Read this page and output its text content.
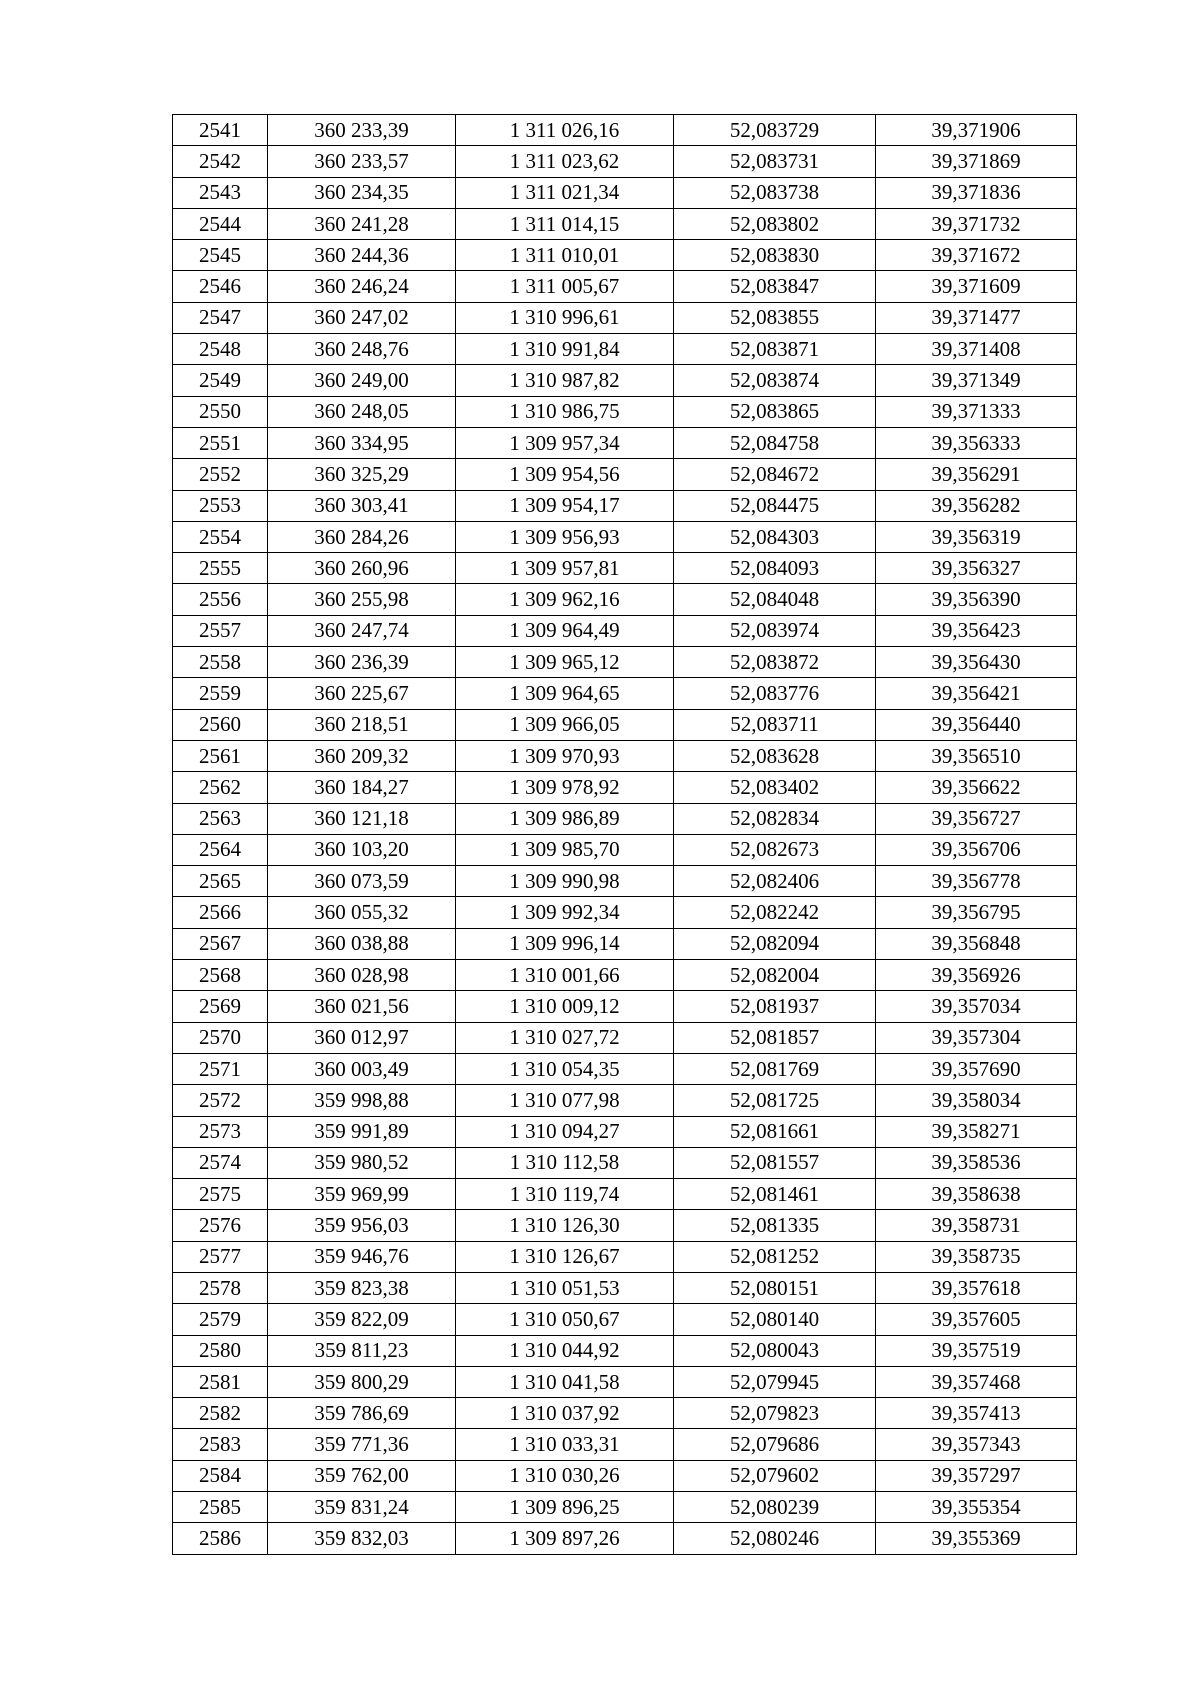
2541	360 233,39	1 311 026,16	52,083729	39,371906
2542	360 233,57	1 311 023,62	52,083731	39,371869
2543	360 234,35	1 311 021,34	52,083738	39,371836
2544	360 241,28	1 311 014,15	52,083802	39,371732
2545	360 244,36	1 311 010,01	52,083830	39,371672
2546	360 246,24	1 311 005,67	52,083847	39,371609
2547	360 247,02	1 310 996,61	52,083855	39,371477
2548	360 248,76	1 310 991,84	52,083871	39,371408
2549	360 249,00	1 310 987,82	52,083874	39,371349
2550	360 248,05	1 310 986,75	52,083865	39,371333
2551	360 334,95	1 309 957,34	52,084758	39,356333
2552	360 325,29	1 309 954,56	52,084672	39,356291
2553	360 303,41	1 309 954,17	52,084475	39,356282
2554	360 284,26	1 309 956,93	52,084303	39,356319
2555	360 260,96	1 309 957,81	52,084093	39,356327
2556	360 255,98	1 309 962,16	52,084048	39,356390
2557	360 247,74	1 309 964,49	52,083974	39,356423
2558	360 236,39	1 309 965,12	52,083872	39,356430
2559	360 225,67	1 309 964,65	52,083776	39,356421
2560	360 218,51	1 309 966,05	52,083711	39,356440
2561	360 209,32	1 309 970,93	52,083628	39,356510
2562	360 184,27	1 309 978,92	52,083402	39,356622
2563	360 121,18	1 309 986,89	52,082834	39,356727
2564	360 103,20	1 309 985,70	52,082673	39,356706
2565	360 073,59	1 309 990,98	52,082406	39,356778
2566	360 055,32	1 309 992,34	52,082242	39,356795
2567	360 038,88	1 309 996,14	52,082094	39,356848
2568	360 028,98	1 310 001,66	52,082004	39,356926
2569	360 021,56	1 310 009,12	52,081937	39,357034
2570	360 012,97	1 310 027,72	52,081857	39,357304
2571	360 003,49	1 310 054,35	52,081769	39,357690
2572	359 998,88	1 310 077,98	52,081725	39,358034
2573	359 991,89	1 310 094,27	52,081661	39,358271
2574	359 980,52	1 310 112,58	52,081557	39,358536
2575	359 969,99	1 310 119,74	52,081461	39,358638
2576	359 956,03	1 310 126,30	52,081335	39,358731
2577	359 946,76	1 310 126,67	52,081252	39,358735
2578	359 823,38	1 310 051,53	52,080151	39,357618
2579	359 822,09	1 310 050,67	52,080140	39,357605
2580	359 811,23	1 310 044,92	52,080043	39,357519
2581	359 800,29	1 310 041,58	52,079945	39,357468
2582	359 786,69	1 310 037,92	52,079823	39,357413
2583	359 771,36	1 310 033,31	52,079686	39,357343
2584	359 762,00	1 310 030,26	52,079602	39,357297
2585	359 831,24	1 309 896,25	52,080239	39,355354
2586	359 832,03	1 309 897,26	52,080246	39,355369
